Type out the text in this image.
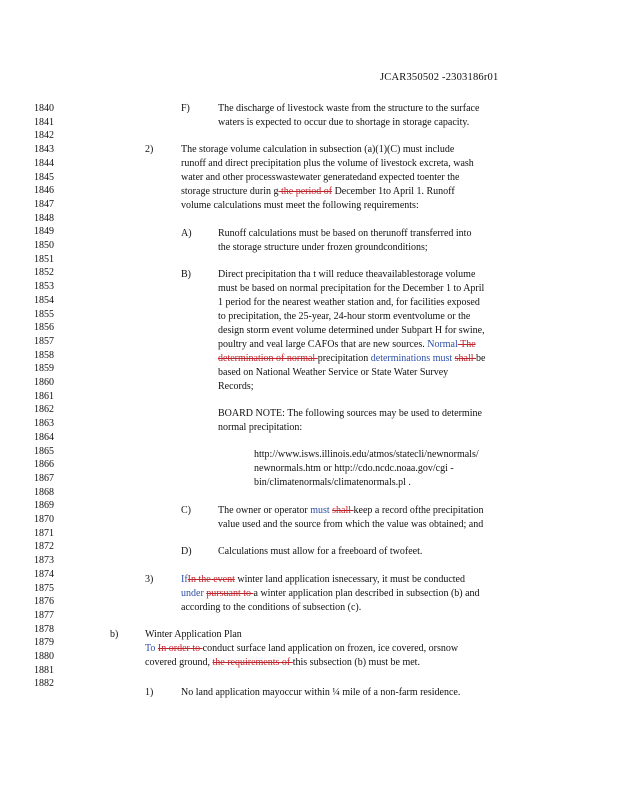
JCAR350502 -2303186r01
1840
1841
1842
1843
1844
1845
1846
1847
1848
1849
1850
1851
1852
1853
1854
1855
1856
1857
1858
1859
1860
1861
1862
1863
1864
1865
1866
1867
1868
1869
1870
1871
1872
1873
1874
1875
1876
1877
1878
1879
1880
1881
1882
F)	The discharge of livestock waste from the structure to the surface
waters is expected to occur due to shortage in storage capacity.
2)	The storage volume calculation in subsection (a)(1)(C) must include
runoff and direct precipitation plus the volume of livestock excreta, wash
water and other processwastewater generatedand expected toenter the
storage structure durin g the period of December 1to April 1. Runoff
volume calculations must meet the following requirements:
A)	Runoff calculations must be based on therunoff transferred into
the storage structure under frozen groundconditions;
B)	Direct precipitation tha t will reduce theavailablestorage volume
must be based on normal precipitation for the December 1 to April
1 period for the nearest weather station and, for facilities exposed
to precipitation, the 25-year, 24-hour storm eventvolume or the
design storm event volume determined under Subpart H for swine,
poultry and veal large CAFOs that are new sources. Normal The
determination of normal precipitation determinations must shall be
based on National Weather Service or State Water Survey
Records;
BOARD NOTE: The following sources may be used to determine
normal precipitation:
http://www.isws.illinois.edu/atmos/statecli/newnormals/
newnormals.htm or http://cdo.ncdc.noaa.gov/cgi -
bin/climatenormals/climatenormals.pl .
C)	The owner or operator must shall keep a record ofthe precipitation
value used and the source from which the value was obtained; and
D)	Calculations must allow for a freeboard of twofeet.
3)	IfIn the event winter land application isnecessary, it must be conducted
under pursuant to a winter application plan described in subsection (b) and
according to the conditions of subsection (c).
b)	Winter Application Plan
To In order to conduct surface land application on frozen, ice covered, orsnow
covered ground, the requirements of this subsection (b) must be met.
1)	No land application mayoccur within ¼ mile of a non-farm residence.
